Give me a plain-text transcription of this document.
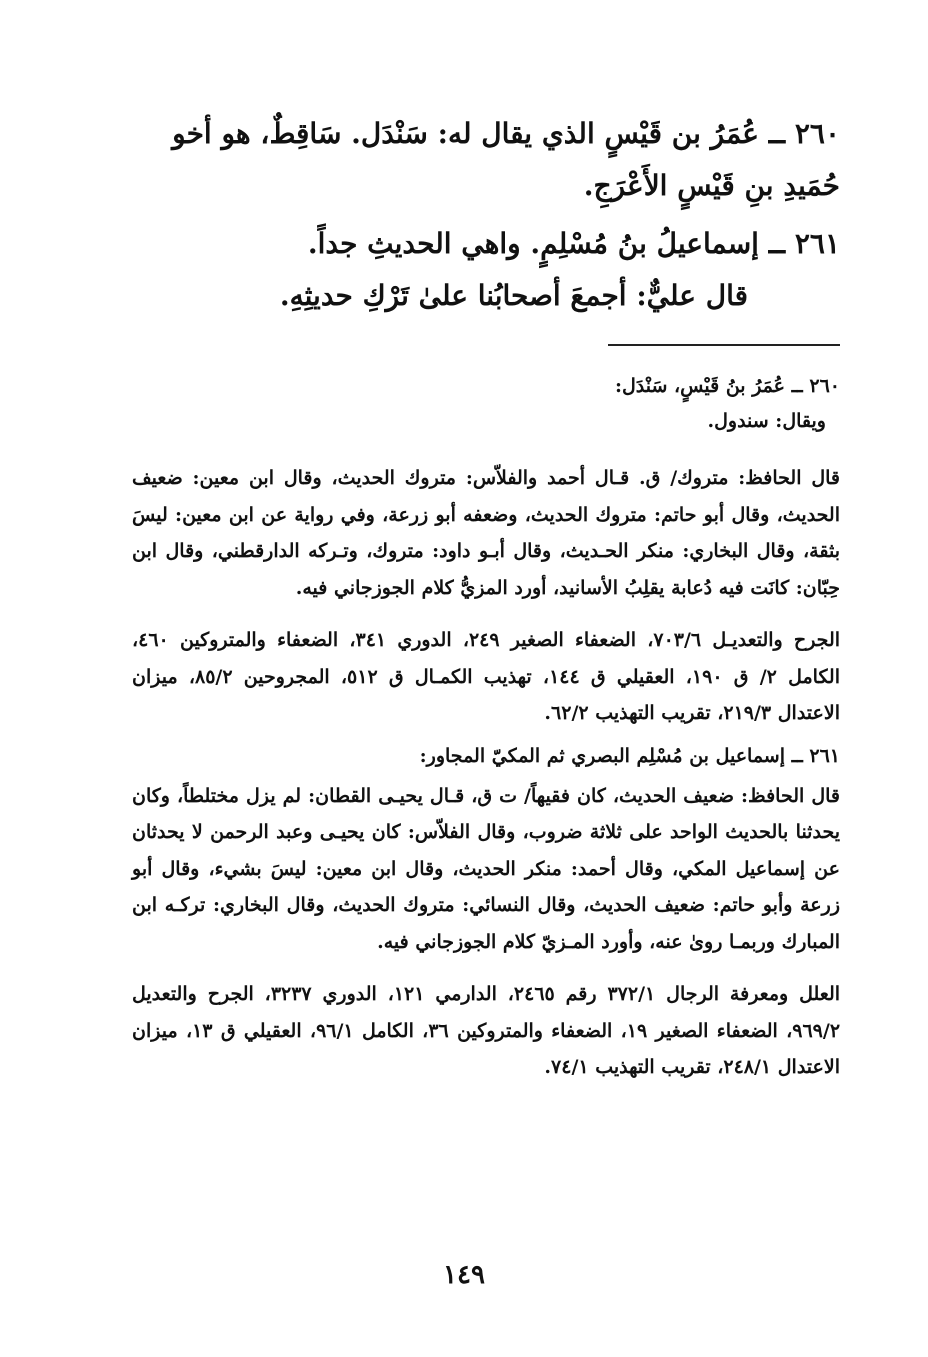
٢٦٠ ــ عُمَرُ بن قَيْسٍ الذي يقال له: سَنْدَل. سَاقِطٌ، هو أخو حُمَيدِ بنِ قَيْسٍ الأَعْرَجِ.

٢٦١ ــ إسماعيلُ بنُ مُسْلِمٍ. واهي الحديثِ جداً.

قال عليٌّ: أجمعَ أصحابُنا علىٰ تَرْكِ حديثِهِ.

٢٦٠ ــ عُمَرُ بنُ قَيْسٍ، سَنْدَل:
ويقال: سندول.
قال الحافظ: متروك/ ق. قـال أحمد والفلاّس: متروك الحديث، وقال ابن معين: ضعيف الحديث، وقال أبو حاتم: متروك الحديث، وضعفه أبو زرعة، وفي رواية عن ابن معين: ليسَ بثقة، وقال البخاري: منكر الحـديث، وقال أبـو داود: متروك، وتـركه الدارقطني، وقال ابن حِبّان: كانَت فيه دُعابة يقلِبُ الأسانيد، أورد المزيُّ كلام الجوزجاني فيه.
الجرح والتعديـل ٧٠٣/٦، الضعفاء الصغير ٢٤٩، الدوري ٣٤١، الضعفاء والمتروكين ٤٦٠، الكامل ٢/ ق ١٩٠، العقيلي ق ١٤٤، تهذيب الكمـال ق ٥١٢، المجروحين ٨٥/٢، ميزان الاعتدال ٢١٩/٣، تقريب التهذيب ٦٢/٢.
٢٦١ ــ إسماعيل بن مُسْلِم البصري ثم المكيّ المجاور:
قال الحافظ: ضعيف الحديث، كان فقيهاً/ ت ق، قـال يحيـى القطان: لم يزل مختلطاً، وكان يحدثنا بالحديث الواحد على ثلاثة ضروب، وقال الفلاّس: كان يحيـى وعبد الرحمن لا يحدثان عن إسماعيل المكي، وقال أحمد: منكر الحديث، وقال ابن معين: ليسَ بشيء، وقال أبو زرعة وأبو حاتم: ضعيف الحديث، وقال النسائي: متروك الحديث، وقال البخاري: تركـه ابن المبارك وربمـا روىٰ عنه، وأورد المـزيّ كلام الجوزجاني فيه.
العلل ومعرفة الرجال ٣٧٢/١ رقم ٢٤٦٥، الدارمي ١٢١، الدوري ٣٢٣٧، الجرح والتعديل ٩٦٩/٢، الضعفاء الصغير ١٩، الضعفاء والمتروكين ٣٦، الكامل ٩٦/١، العقيلي ق ١٣، ميزان الاعتدال ٢٤٨/١، تقريب التهذيب ٧٤/١.
١٤٩
